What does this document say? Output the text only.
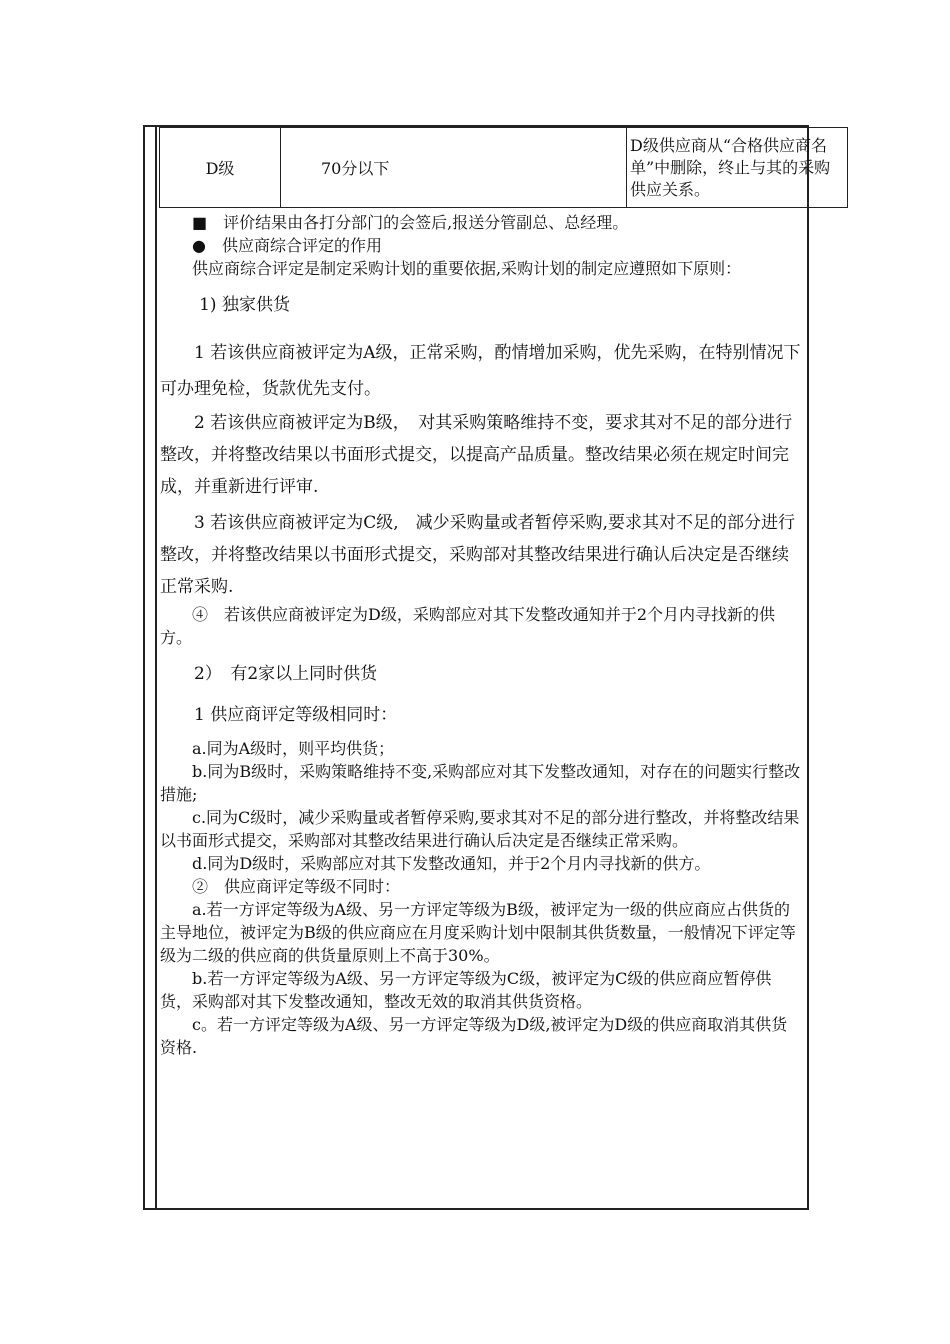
D级	70分以下	D级供应商从“合格供应商名单”中删除，终止与其的采购供应关系。

■　评价结果由各打分部门的会签后,报送分管副总、总经理。

●　供应商综合评定的作用

供应商综合评定是制定采购计划的重要依据,采购计划的制定应遵照如下原则：

1) 独家供货

1 若该供应商被评定为A级，正常采购，酌情增加采购，优先采购，在特别情况下可办理免检，货款优先支付。

2 若该供应商被评定为B级，　对其采购策略维持不变，要求其对不足的部分进行整改，并将整改结果以书面形式提交，以提高产品质量。整改结果必须在规定时间完成，并重新进行评审.

3 若该供应商被评定为C级,　减少采购量或者暂停采购,要求其对不足的部分进行整改，并将整改结果以书面形式提交，采购部对其整改结果进行确认后决定是否继续正常采购.

④　若该供应商被评定为D级，采购部应对其下发整改通知并于2个月内寻找新的供方。

2）　有2家以上同时供货

1 供应商评定等级相同时：

a.同为A级时，则平均供货；

b.同为B级时，采购策略维持不变,采购部应对其下发整改通知，对存在的问题实行整改措施;

c.同为C级时，减少采购量或者暂停采购,要求其对不足的部分进行整改，并将整改结果以书面形式提交，采购部对其整改结果进行确认后决定是否继续正常采购。

d.同为D级时，采购部应对其下发整改通知，并于2个月内寻找新的供方。

②　供应商评定等级不同时：

a.若一方评定等级为A级、另一方评定等级为B级，被评定为一级的供应商应占供货的主导地位，被评定为B级的供应商应在月度采购计划中限制其供货数量，一般情况下评定等级为二级的供应商的供货量原则上不高于30%。

b.若一方评定等级为A级、另一方评定等级为C级，被评定为C级的供应商应暂停供货，采购部对其下发整改通知，整改无效的取消其供货资格。

c。若一方评定等级为A级、另一方评定等级为D级,被评定为D级的供应商取消其供货资格.
